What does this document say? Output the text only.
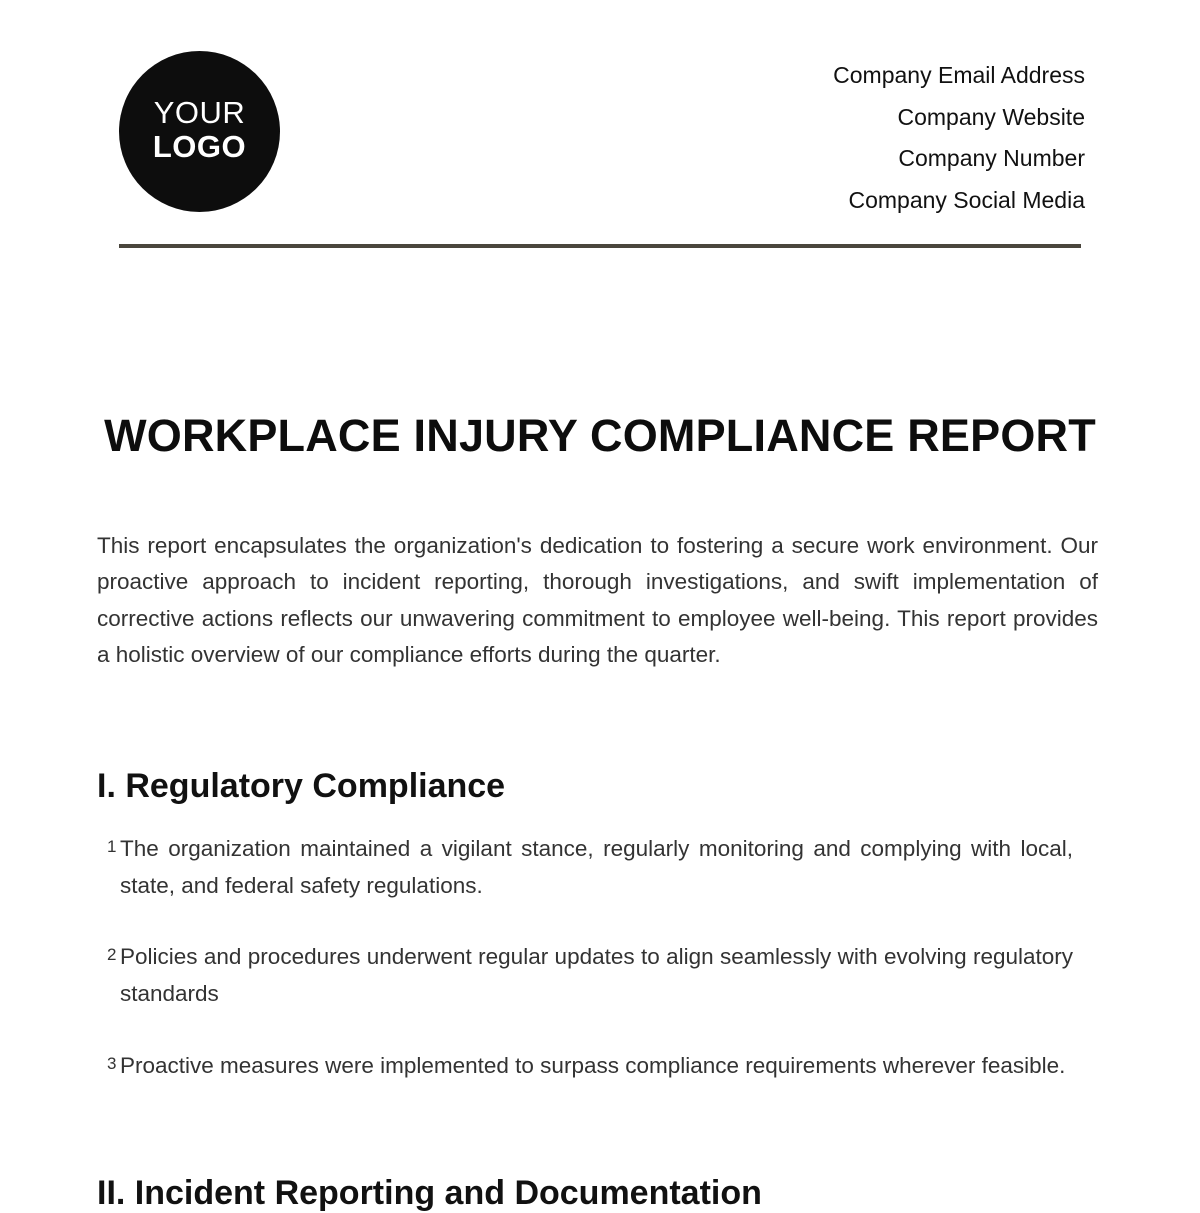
YOUR
LOGO
Company Email Address
Company Website
Company Number
Company Social Media
WORKPLACE INJURY COMPLIANCE REPORT

This report encapsulates the organization's dedication to fostering a secure work environment. Our proactive approach to incident reporting, thorough investigations, and swift implementation of corrective actions reflects our unwavering commitment to employee well-being. This report provides a holistic overview of our compliance efforts during the quarter.

I. Regulatory Compliance
1 The organization maintained a vigilant stance, regularly monitoring and complying with local, state, and federal safety regulations.
2 Policies and procedures underwent regular updates to align seamlessly with evolving regulatory standards
3 Proactive measures were implemented to surpass compliance requirements wherever feasible.
II. Incident Reporting and Documentation
